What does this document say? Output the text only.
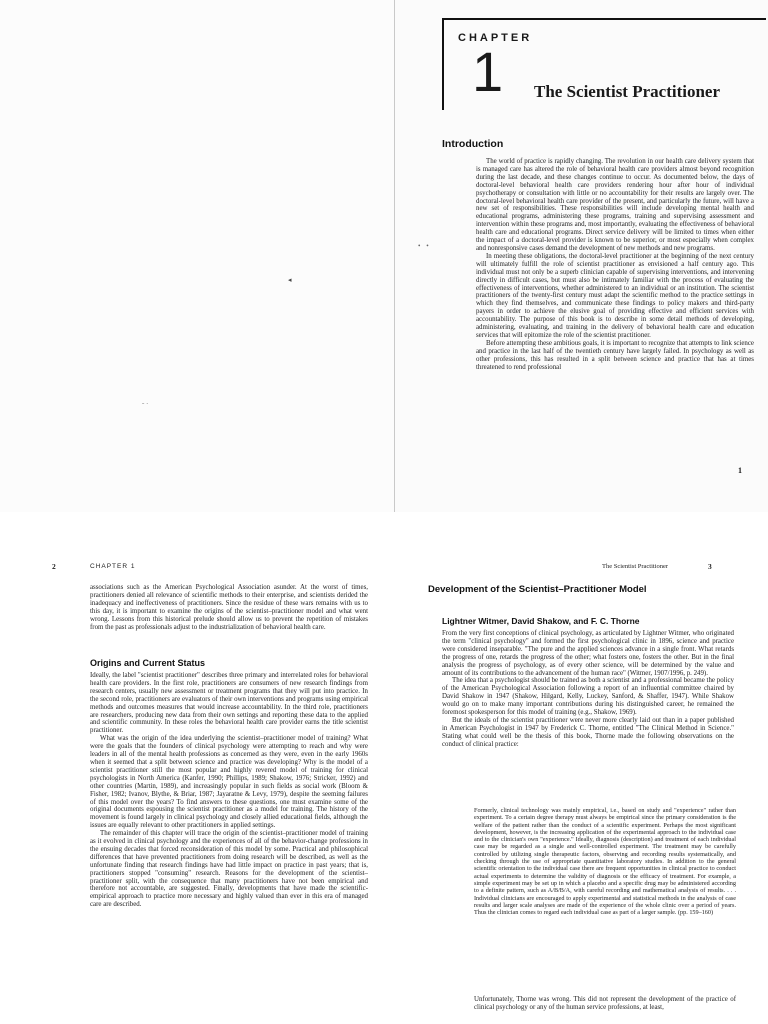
CHAPTER
1 The Scientist Practitioner
Introduction

The world of practice is rapidly changing. The revolution in our health care delivery system that is managed care has altered the role of behavioral health care providers almost beyond recognition during the last decade, and these changes continue to occur. As documented below, the days of doctoral-level behavioral health care providers rendering hour after hour of individual psychotherapy or consultation with little or no accountability for their results are largely over. The doctoral-level behavioral health care provider of the present, and particularly the future, will have a new set of responsibilities. These responsibilities will include developing mental health and educational programs, administering these programs, training and supervising assessment and intervention within these programs and, most importantly, evaluating the effectiveness of behavioral health care and educational programs. Direct service delivery will be limited to times when either the impact of a doctoral-level provider is known to be superior, or most especially when complex and nonresponsive cases demand the development of new methods and new programs.

In meeting these obligations, the doctoral-level practitioner at the beginning of the next century will ultimately fulfill the role of scientist practitioner as envisioned a half century ago. This individual must not only be a superb clinician capable of supervising interventions, and intervening directly in difficult cases, but must also be intimately familiar with the process of evaluating the effectiveness of interventions, whether administered to an individual or an institution. The scientist practitioners of the twenty-first century must adapt the scientific method to the practice settings in which they find themselves, and communicate these findings to policy makers and third-party payers in order to achieve the elusive goal of providing effective and efficient services with accountability. The purpose of this book is to describe in some detail methods of developing, administering, evaluating, and training in the delivery of behavioral health care and education services that will epitomize the role of the scientist practitioner.

Before attempting these ambitious goals, it is important to recognize that attempts to link science and practice in the last half of the twentieth century have largely failed. In psychology as well as other professions, this has resulted in a split between science and practice that has at times threatened to rend professional

1
◂
• •
ˇ ˋ
2	CHAPTER 1	The Scientist Practitioner	3

associations such as the American Psychological Association asunder. At the worst of times, practitioners denied all relevance of scientific methods to their enterprise, and scientists derided the inadequacy and ineffectiveness of practitioners. Since the residue of these wars remains with us to this day, it is important to examine the origins of the scientist–practitioner model and what went wrong. Lessons from this historical prelude should allow us to prevent the repetition of mistakes from the past as professionals adjust to the industrialization of behavioral health care.

Origins and Current Status

Ideally, the label "scientist practitioner" describes three primary and interrelated roles for behavioral health care providers. In the first role, practitioners are consumers of new research findings from research centers, usually new assessment or treatment programs that they will put into practice. In the second role, practitioners are evaluators of their own interventions and programs using empirical methods and outcomes measures that would increase accountability. In the third role, practitioners are researchers, producing new data from their own settings and reporting these data to the applied and scientific community. In these roles the behavioral health care provider earns the title scientist practitioner.

What was the origin of the idea underlying the scientist–practitioner model of training? What were the goals that the founders of clinical psychology were attempting to reach and why were leaders in all of the mental health professions as concerned as they were, even in the early 1960s when it seemed that a split between science and practice was developing? Why is the model of a scientist practitioner still the most popular and highly revered model of training for clinical psychologists in North America (Kanfer, 1990; Phillips, 1989; Shakow, 1976; Stricker, 1992) and other countries (Martin, 1989), and increasingly popular in such fields as social work (Bloom & Fisher, 1982; Ivanov, Blythe, & Briar, 1987; Jayaratne & Levy, 1979), despite the seeming failures of this model over the years? To find answers to these questions, one must examine some of the original documents espousing the scientist practitioner as a model for training. The history of the movement is found largely in clinical psychology and closely allied educational fields, although the issues are equally relevant to other practitioners in applied settings.

The remainder of this chapter will trace the origin of the scientist–practitioner model of training as it evolved in clinical psychology and the experiences of all of the behavior-change professions in the ensuing decades that forced reconsideration of this model by some. Practical and philosophical differences that have prevented practitioners from doing research will be described, as well as the unfortunate finding that research findings have had little impact on practice in past years; that is, practitioners stopped "consuming" research. Reasons for the development of the scientist–practitioner split, with the consequence that many practitioners have not been empirical and therefore not accountable, are suggested. Finally, developments that have made the scientific-empirical approach to practice more necessary and highly valued than ever in this era of managed care are described.

Development of the Scientist–Practitioner Model
Lightner Witmer, David Shakow, and F. C. Thorne

From the very first conceptions of clinical psychology, as articulated by Lightner Witmer, who originated the term "clinical psychology" and formed the first psychological clinic in 1896, science and practice were considered inseparable. "The pure and the applied sciences advance in a single front. What retards the progress of one, retards the progress of the other; what fosters one, fosters the other. But in the final analysis the progress of psychology, as of every other science, will be determined by the value and amount of its contributions to the advancement of the human race" (Witmer, 1907/1996, p. 249).

The idea that a psychologist should be trained as both a scientist and a professional became the policy of the American Psychological Association following a report of an influential committee chaired by David Shakow in 1947 (Shakow, Hilgard, Kelly, Luckey, Sanford, & Shaffer, 1947). While Shakow would go on to make many important contributions during his distinguished career, he remained the foremost spokesperson for this model of training (e.g., Shakow, 1969).

But the ideals of the scientist practitioner were never more clearly laid out than in a paper published in American Psychologist in 1947 by Frederick C. Thorne, entitled "The Clinical Method in Science." Stating what could well be the thesis of this book, Thorne made the following observations on the conduct of clinical practice:

Formerly, clinical technology was mainly empirical, i.e., based on study and "experience" rather than experiment. To a certain degree therapy must always be empirical since the primary consideration is the welfare of the patient rather than the conduct of a scientific experiment. Perhaps the most significant development, however, is the increasing application of the experimental approach to the individual case and to the clinician's own "experience." Ideally, diagnosis (description) and treatment of each individual case may be regarded as a single and well-controlled experiment. The treatment may be carefully controlled by utilizing single therapeutic factors, observing and recording results systematically, and checking through the use of appropriate quantitative laboratory studies. In addition to the general scientific orientation to the individual case there are frequent opportunities in clinical practice to conduct actual experiments to determine the validity of diagnosis or the efficacy of treatment. For example, a simple experiment may be set up in which a placebo and a specific drug may be administered according to a definite pattern, such as A/B/B/A, with careful recording and mathematical analysis of results. . . . Individual clinicians are encouraged to apply experimental and statistical methods in the analysis of case results and larger scale analyses are made of the experience of the whole clinic over a period of years. Thus the clinician comes to regard each individual case as part of a larger sample. (pp. 159–160)

Unfortunately, Thorne was wrong. This did not represent the development of the practice of clinical psychology or any of the human service professions, at least,
